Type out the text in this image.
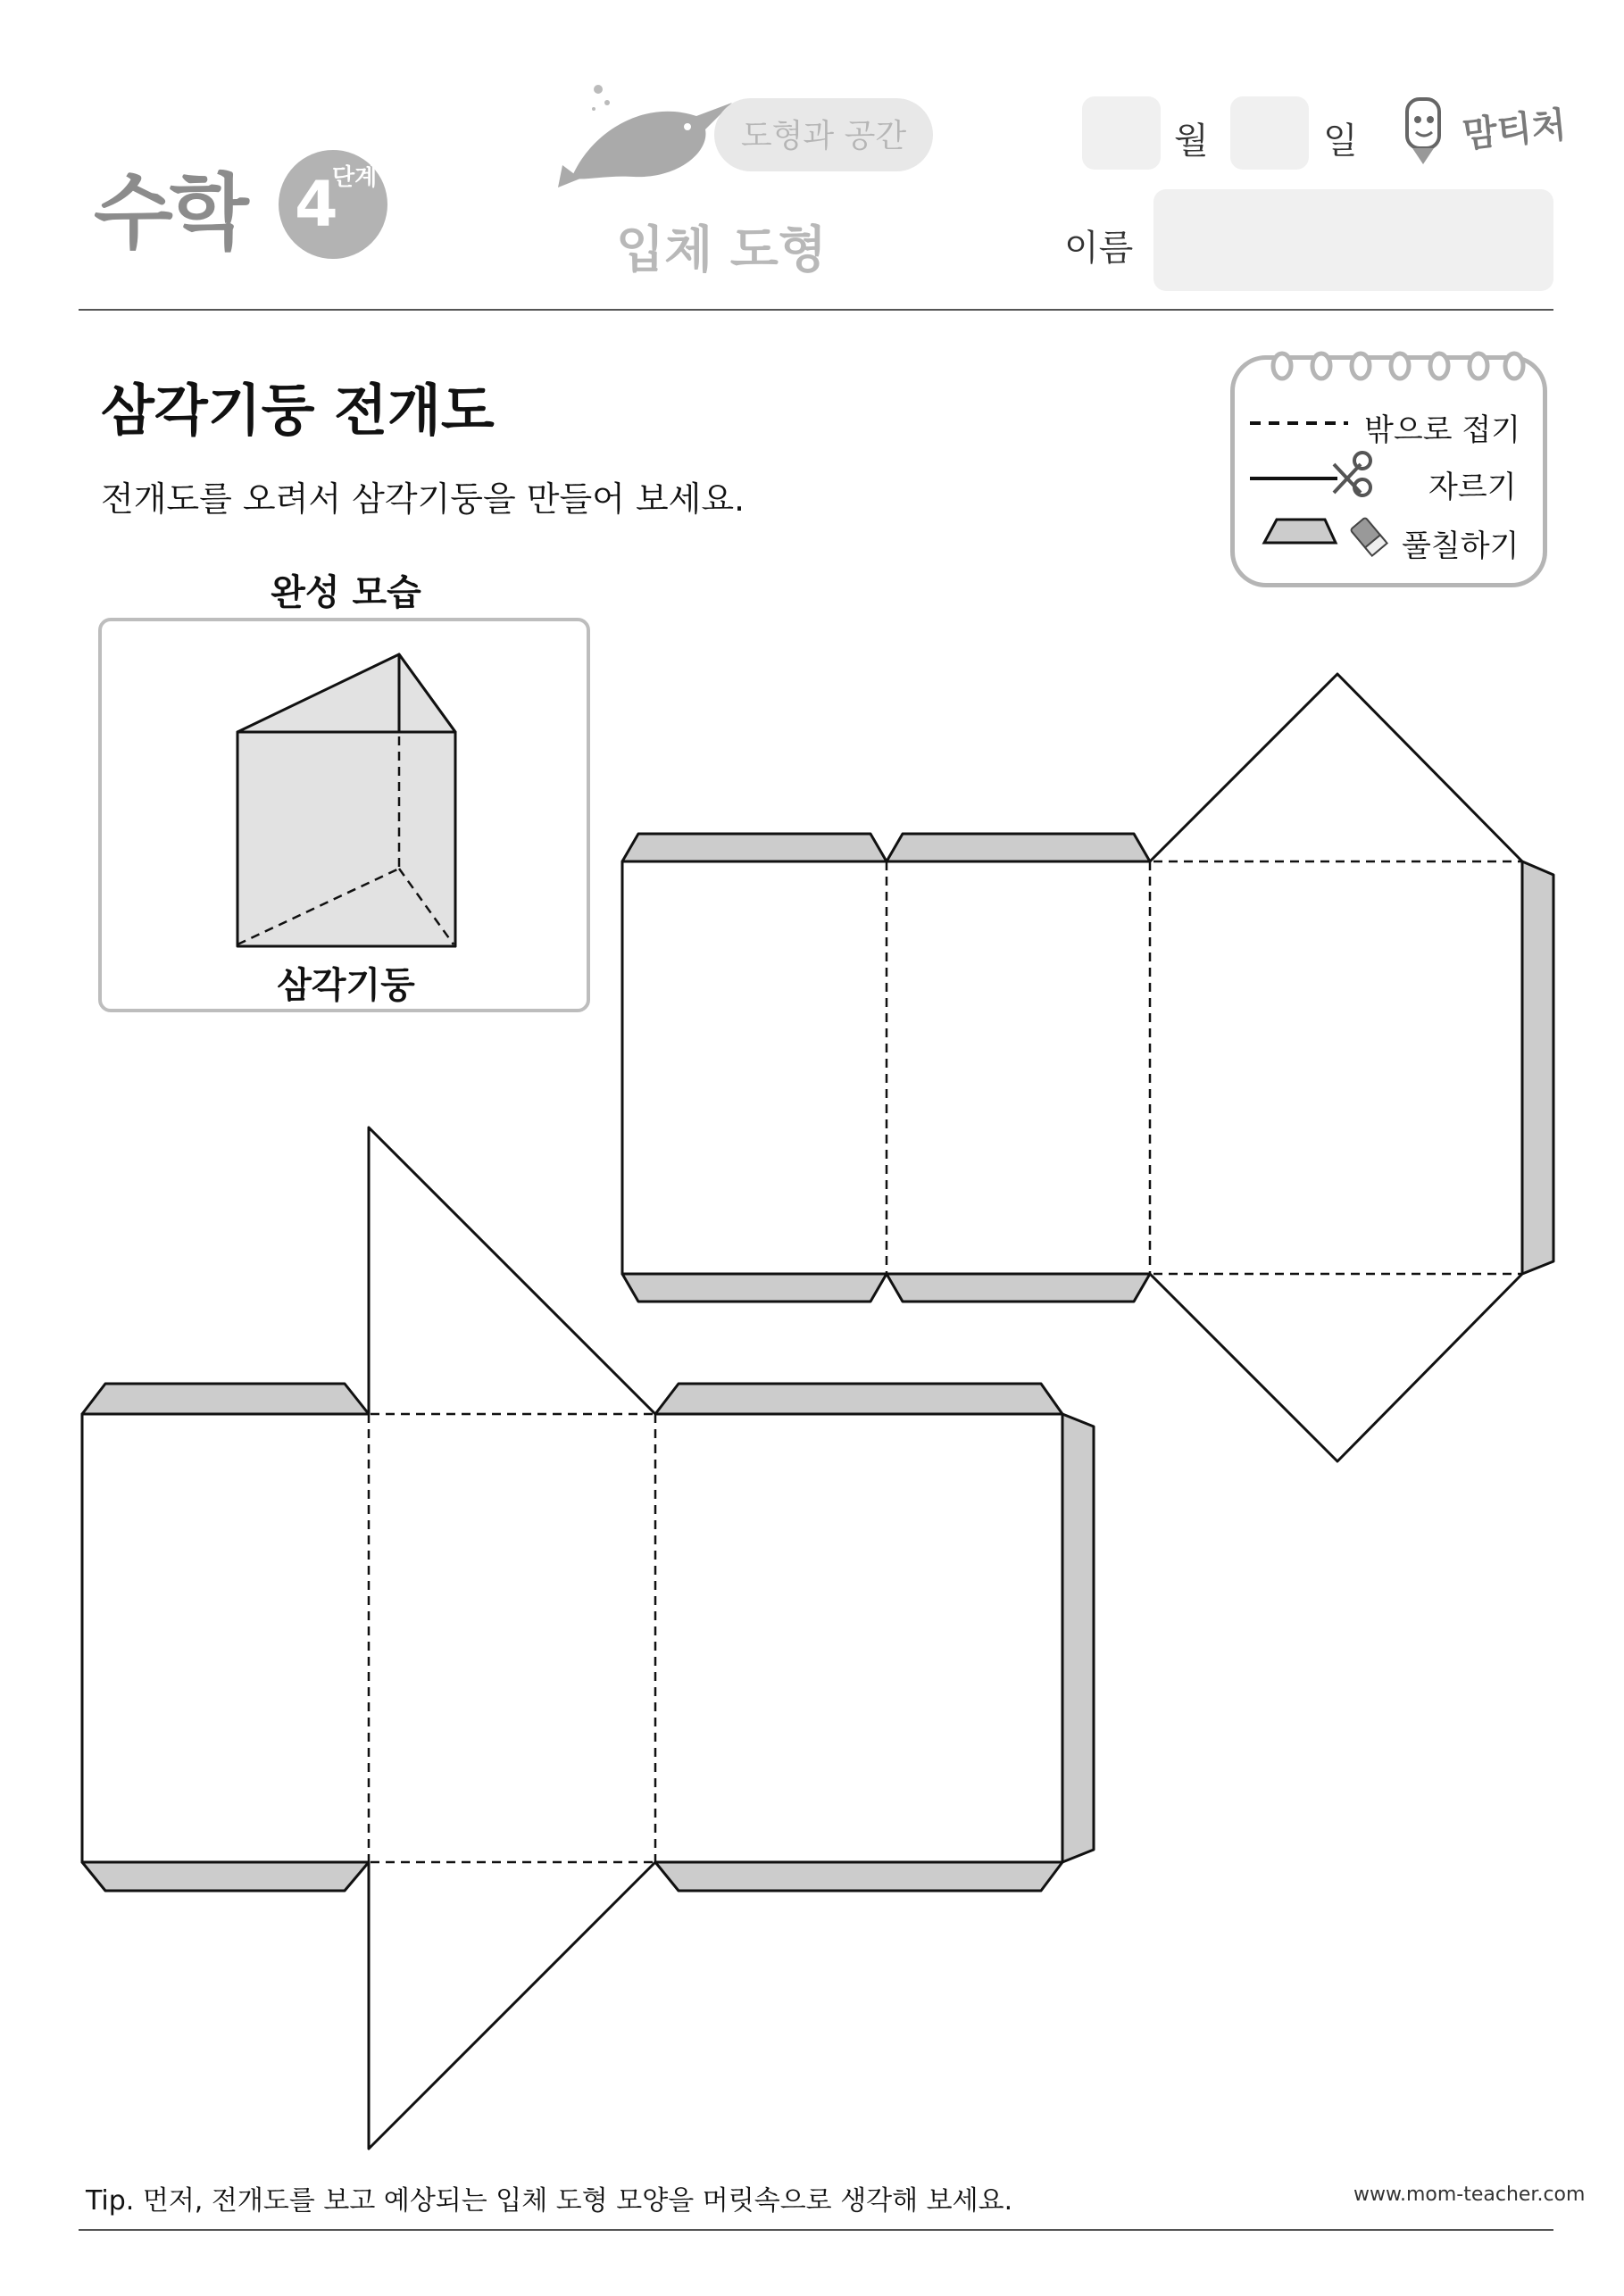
수학 4
단계
도형과 공간
입체 도형
월	일	맘티처
이름
삼각기둥 전개도
전개도를 오려서 삼각기둥을 만들어 보세요.
밖으로 접기
자르기
풀칠하기
완성 모습
삼각기둥
Tip. 먼저, 전개도를 보고 예상되는 입체 도형 모양을 머릿속으로 생각해 보세요.	www.mom-teacher.com
